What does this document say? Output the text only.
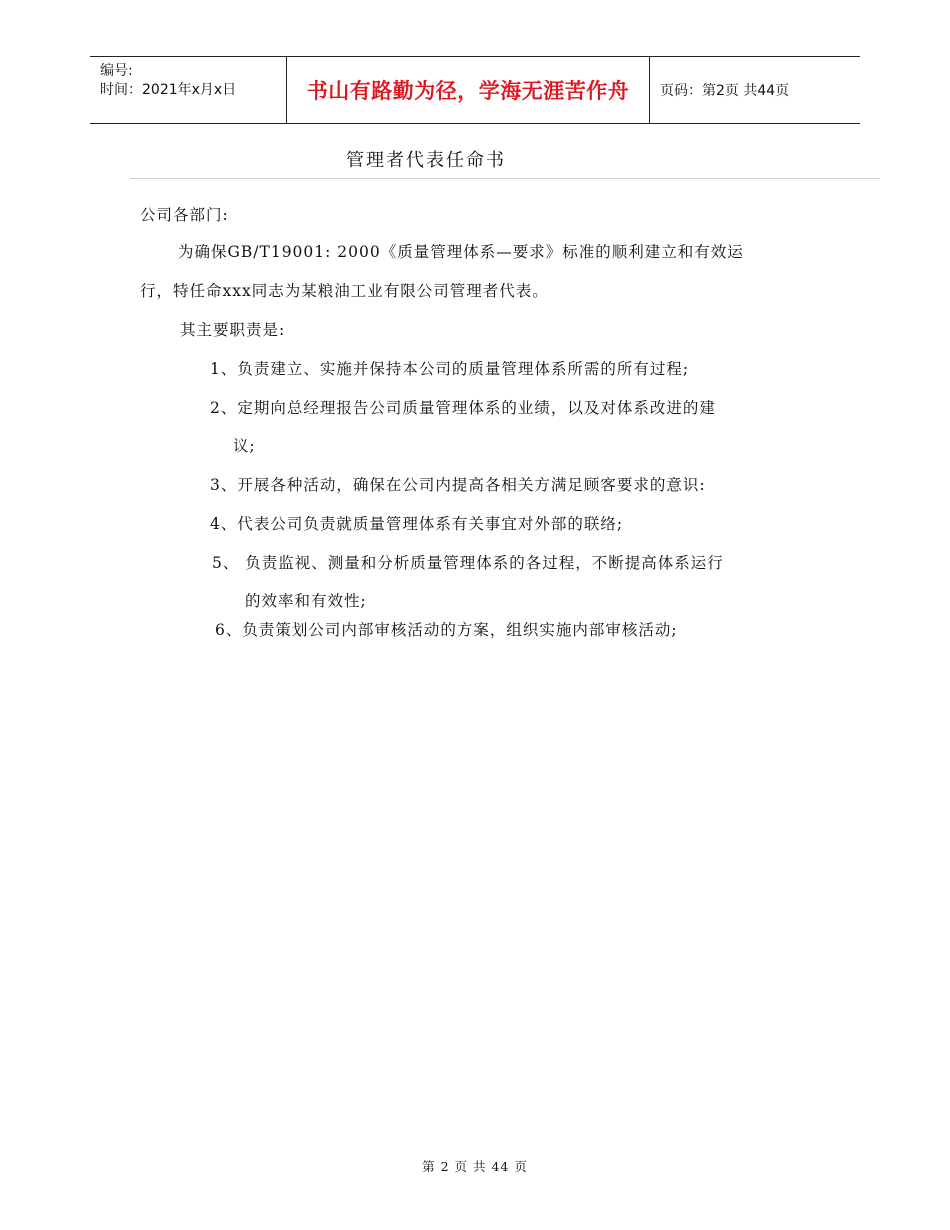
编号:
时间：2021年x月x日	书山有路勤为径，学海无涯苦作舟	页码：第2页 共44页
管理者代表任命书
公司各部门:
为确保GB/T19001: 2000《质量管理体系—要求》标准的顺利建立和有效运
行，特任命xxx同志为某粮油工业有限公司管理者代表。
其主要职责是:
1、负责建立、实施并保持本公司的质量管理体系所需的所有过程;
2、定期向总经理报告公司质量管理体系的业绩，以及对体系改进的建
议;
3、开展各种活动，确保在公司内提高各相关方满足顾客要求的意识:
4、代表公司负责就质量管理体系有关事宜对外部的联络;
5、 负责监视、测量和分析质量管理体系的各过程，不断提高体系运行
的效率和有效性;
6、负责策划公司内部审核活动的方案，组织实施内部审核活动;
第 2 页 共 44 页
